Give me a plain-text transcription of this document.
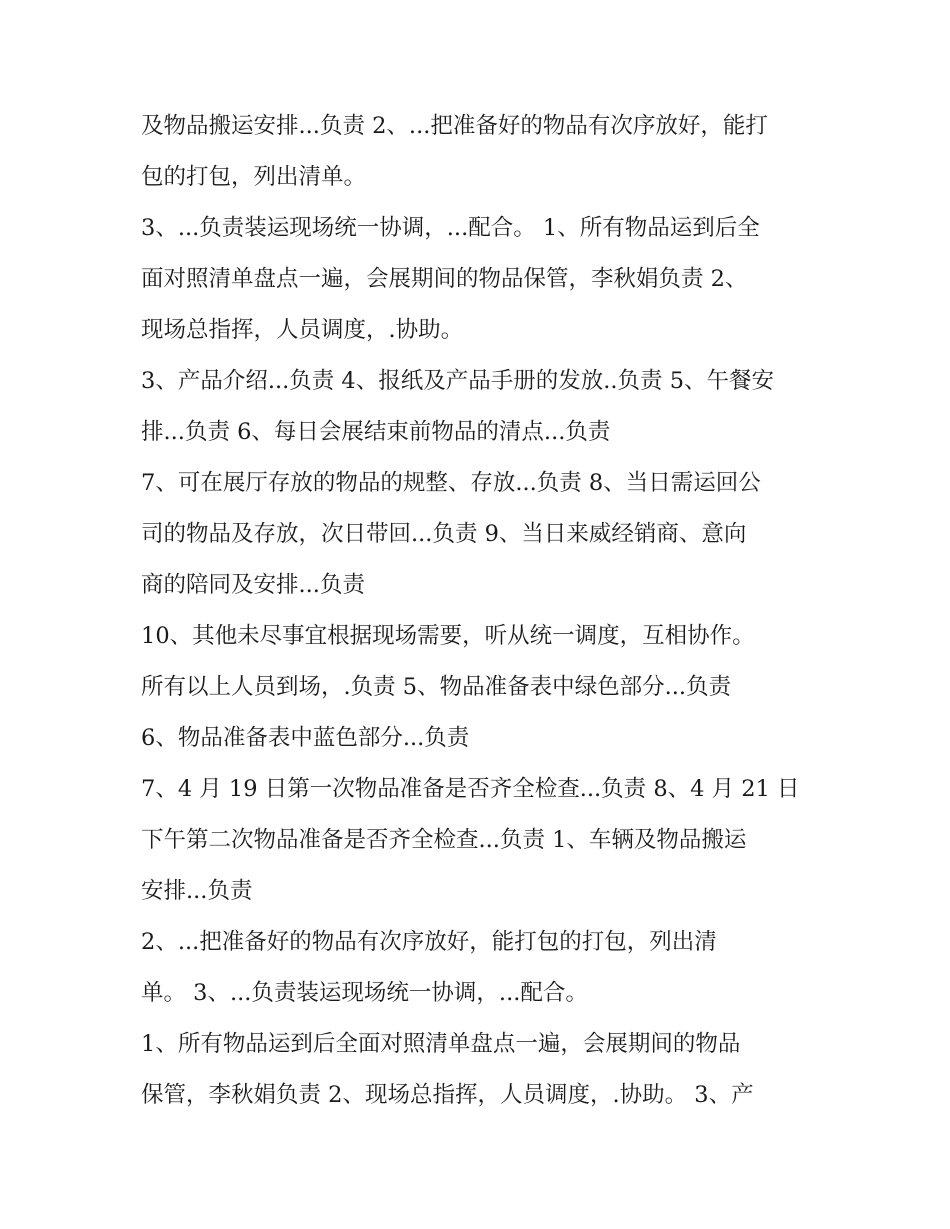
及物品搬运安排...负责 2、...把准备好的物品有次序放好，能打
包的打包，列出清单。
3、...负责装运现场统一协调，...配合。 1、所有物品运到后全
面对照清单盘点一遍，会展期间的物品保管，李秋娟负责 2、
现场总指挥，人员调度，.协助。
3、产品介绍...负责 4、报纸及产品手册的发放..负责 5、午餐安
排...负责 6、每日会展结束前物品的清点...负责
7、可在展厅存放的物品的规整、存放...负责 8、当日需运回公
司的物品及存放，次日带回...负责 9、当日来威经销商、意向
商的陪同及安排...负责
10、其他未尽事宜根据现场需要，听从统一调度，互相协作。
所有以上人员到场，.负责 5、物品准备表中绿色部分...负责
6、物品准备表中蓝色部分...负责
7、4 月 19 日第一次物品准备是否齐全检查...负责 8、4 月 21 日
下午第二次物品准备是否齐全检查...负责 1、车辆及物品搬运
安排...负责
2、...把准备好的物品有次序放好，能打包的打包，列出清
单。 3、...负责装运现场统一协调，...配合。
1、所有物品运到后全面对照清单盘点一遍，会展期间的物品
保管，李秋娟负责 2、现场总指挥，人员调度，.协助。 3、产
